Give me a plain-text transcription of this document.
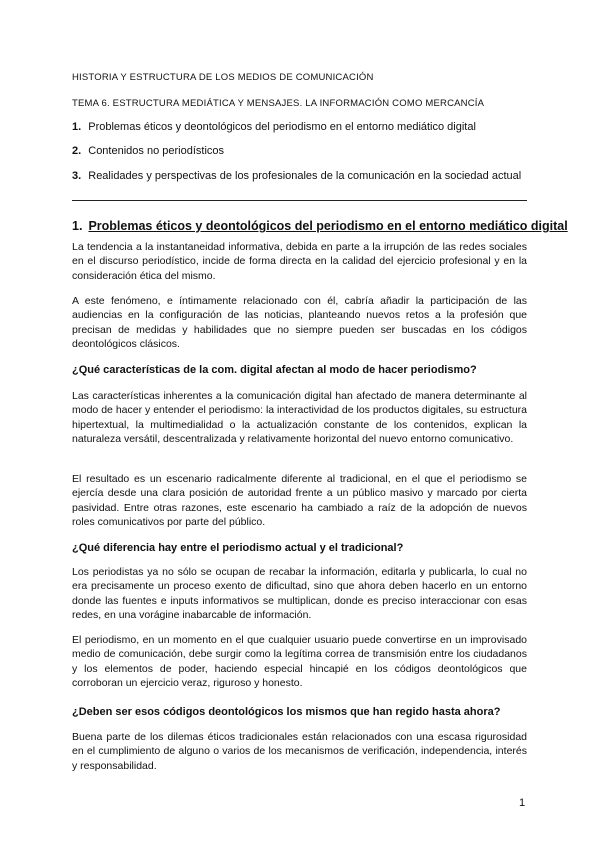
HISTORIA Y ESTRUCTURA DE LOS MEDIOS DE COMUNICACIÓN
TEMA 6. ESTRUCTURA MEDIÁTICA Y MENSAJES. LA INFORMACIÓN COMO MERCANCÍA
1. Problemas éticos y deontológicos del periodismo en el entorno mediático digital
2. Contenidos no periodísticos
3. Realidades y perspectivas de los profesionales de la comunicación en la sociedad actual
1. Problemas éticos y deontológicos del periodismo en el entorno mediático digital

La tendencia a la instantaneidad informativa, debida en parte a la irrupción de las redes sociales en el discurso periodístico, incide de forma directa en la calidad del ejercicio profesional y en la consideración ética del mismo.

A este fenómeno, e íntimamente relacionado con él, cabría añadir la participación de las audiencias en la configuración de las noticias, planteando nuevos retos a la profesión que precisan de medidas y habilidades que no siempre pueden ser buscadas en los códigos deontológicos clásicos.

¿Qué características de la com. digital afectan al modo de hacer periodismo?

Las características inherentes a la comunicación digital han afectado de manera determinante al modo de hacer y entender el periodismo: la interactividad de los productos digitales, su estructura hipertextual, la multimedialidad o la actualización constante de los contenidos, explican la naturaleza versátil, descentralizada y relativamente horizontal del nuevo entorno comunicativo.

El resultado es un escenario radicalmente diferente al tradicional, en el que el periodismo se ejercía desde una clara posición de autoridad frente a un público masivo y marcado por cierta pasividad. Entre otras razones, este escenario ha cambiado a raíz de la adopción de nuevos roles comunicativos por parte del público.

¿Qué diferencia hay entre el periodismo actual y el tradicional?

Los periodistas ya no sólo se ocupan de recabar la información, editarla y publicarla, lo cual no era precisamente un proceso exento de dificultad, sino que ahora deben hacerlo en un entorno donde las fuentes e inputs informativos se multiplican, donde es preciso interaccionar con esas redes, en una vorágine inabarcable de información.

El periodismo, en un momento en el que cualquier usuario puede convertirse en un improvisado medio de comunicación, debe surgir como la legítima correa de transmisión entre los ciudadanos y los elementos de poder, haciendo especial hincapié en los códigos deontológicos que corroboran un ejercicio veraz, riguroso y honesto.

¿Deben ser esos códigos deontológicos los mismos que han regido hasta ahora?

Buena parte de los dilemas éticos tradicionales están relacionados con una escasa rigurosidad en el cumplimiento de alguno o varios de los mecanismos de verificación, independencia, interés y responsabilidad.

1
